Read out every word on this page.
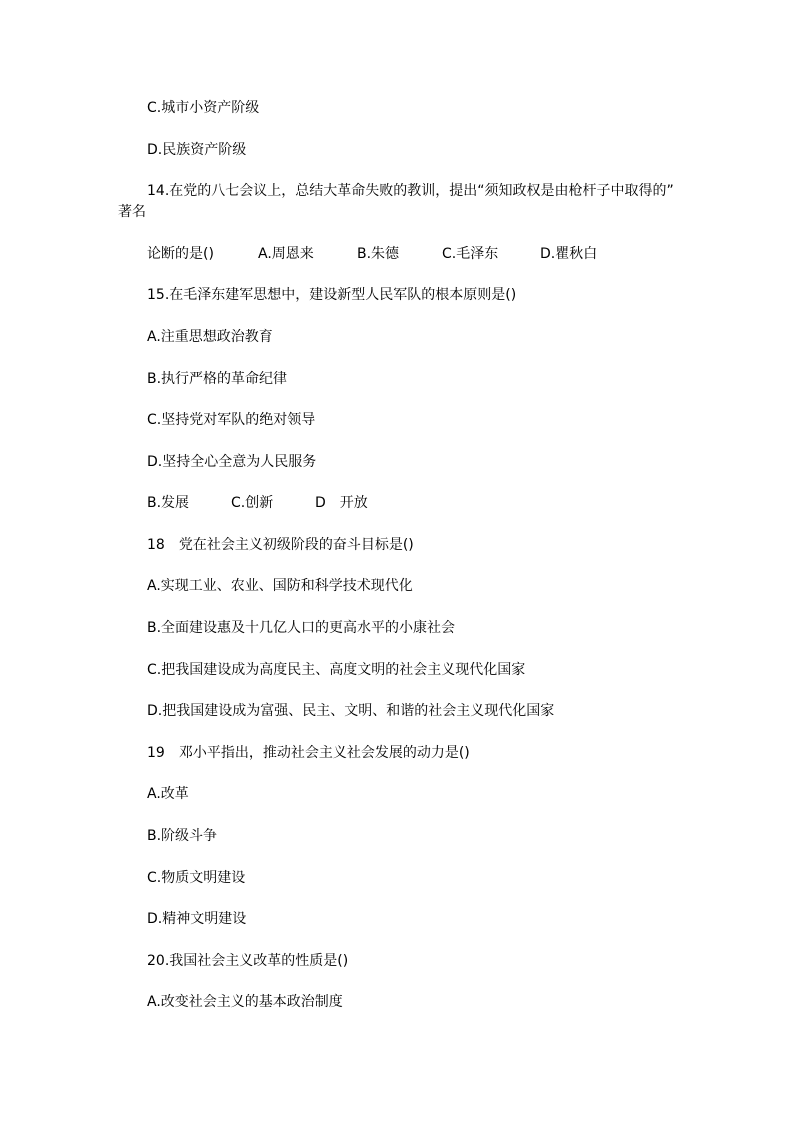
C.城市小资产阶级
D.民族资产阶级
14.在党的八七会议上，总结大革命失败的教训，提出“须知政权是由枪杆子中取得的”
著名
论断的是()	A.周恩来	B.朱德	C.毛泽东	D.瞿秋白
15.在毛泽东建军思想中，建设新型人民军队的根本原则是()
A.注重思想政治教育
B.执行严格的革命纪律
C.坚持党对军队的绝对领导
D.坚持全心全意为人民服务
B.发展	C.创新	D　开放
18　党在社会主义初级阶段的奋斗目标是()
A.实现工业、农业、国防和科学技术现代化
B.全面建设惠及十几亿人口的更高水平的小康社会
C.把我国建设成为高度民主、高度文明的社会主义现代化国家
D.把我国建设成为富强、民主、文明、和谐的社会主义现代化国家
19　邓小平指出，推动社会主义社会发展的动力是()
A.改革
B.阶级斗争
C.物质文明建设
D.精神文明建设
20.我国社会主义改革的性质是()
A.改变社会主义的基本政治制度
